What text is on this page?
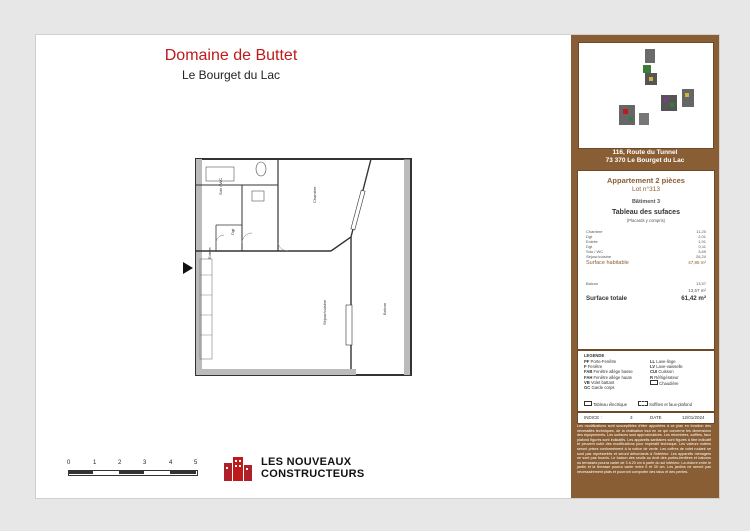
Domaine de Buttet
Le Bourget du Lac
Sdo / WC	Chambre
Dgt
Entrée
Séjour/cuisine	Balcon
0	1	2	3	4	5	LES NOUVEAUX
CONSTRUCTEURS
116, Route du Tunnel
73 370 Le Bourget du Lac
Appartement 2 pièces
Lot n°313
Bâtiment 3
Tableau des sufaces
(Placards y compris)
Chambre	11,20
Dgt	2,01
Entrée	1,91
Dgt	0,11
Sdo / WC	3,69
Séjour/cuisine	26,24
Surface habitable	47,85 m²
Balcon	13,57
13,57 m²
Surface totale	61,42 m²
LEGENDE
PF Porte-Fenêtre
F Fenêtre
FAB Fenêtre allège basse
FAH Fenêtre allège haute
VB Volet battant
GC Garde corps
LL Lave-linge
LV Lave-vaisselle
CUI Cuisson
R Réfrigérateur
Chaudière
Tableau électrique	Soffites et faux-plafond
PLAN DE RESERVATION
INDICE :	3	DATE	12/01/2024
Les modifications sont susceptibles d'être apportées à ce plan en fonction des nécessités techniques, de la réalisation tout en ce qui concerne les dimensions des équipements. Les surfaces sont approximatives. Les retombées, soffites, faux plafond figurés sont indicatifs. Les appareils sanitaires sont figurés à titre indicatif et peuvent subir des modifications pour impératif technique. Les valeurs notées seront prises conformément à la notice de vente. Les coffres de volet roulant ne sont pas représentés et seront débordants à l'intérieur. Les appareils ménagers ne sont pas fournis. Le balcon des seuils au droit des portes-fenêtres et balcons ou terrasses pourra varier de 3 à 20 cm à partir du sol intérieur. La cloture entre le jardin et la terrasse pourra varier entre 0 et 30 cm. Les jardins ne seront pas nécessairement plats et pourront comporter des talus et des pentes.
